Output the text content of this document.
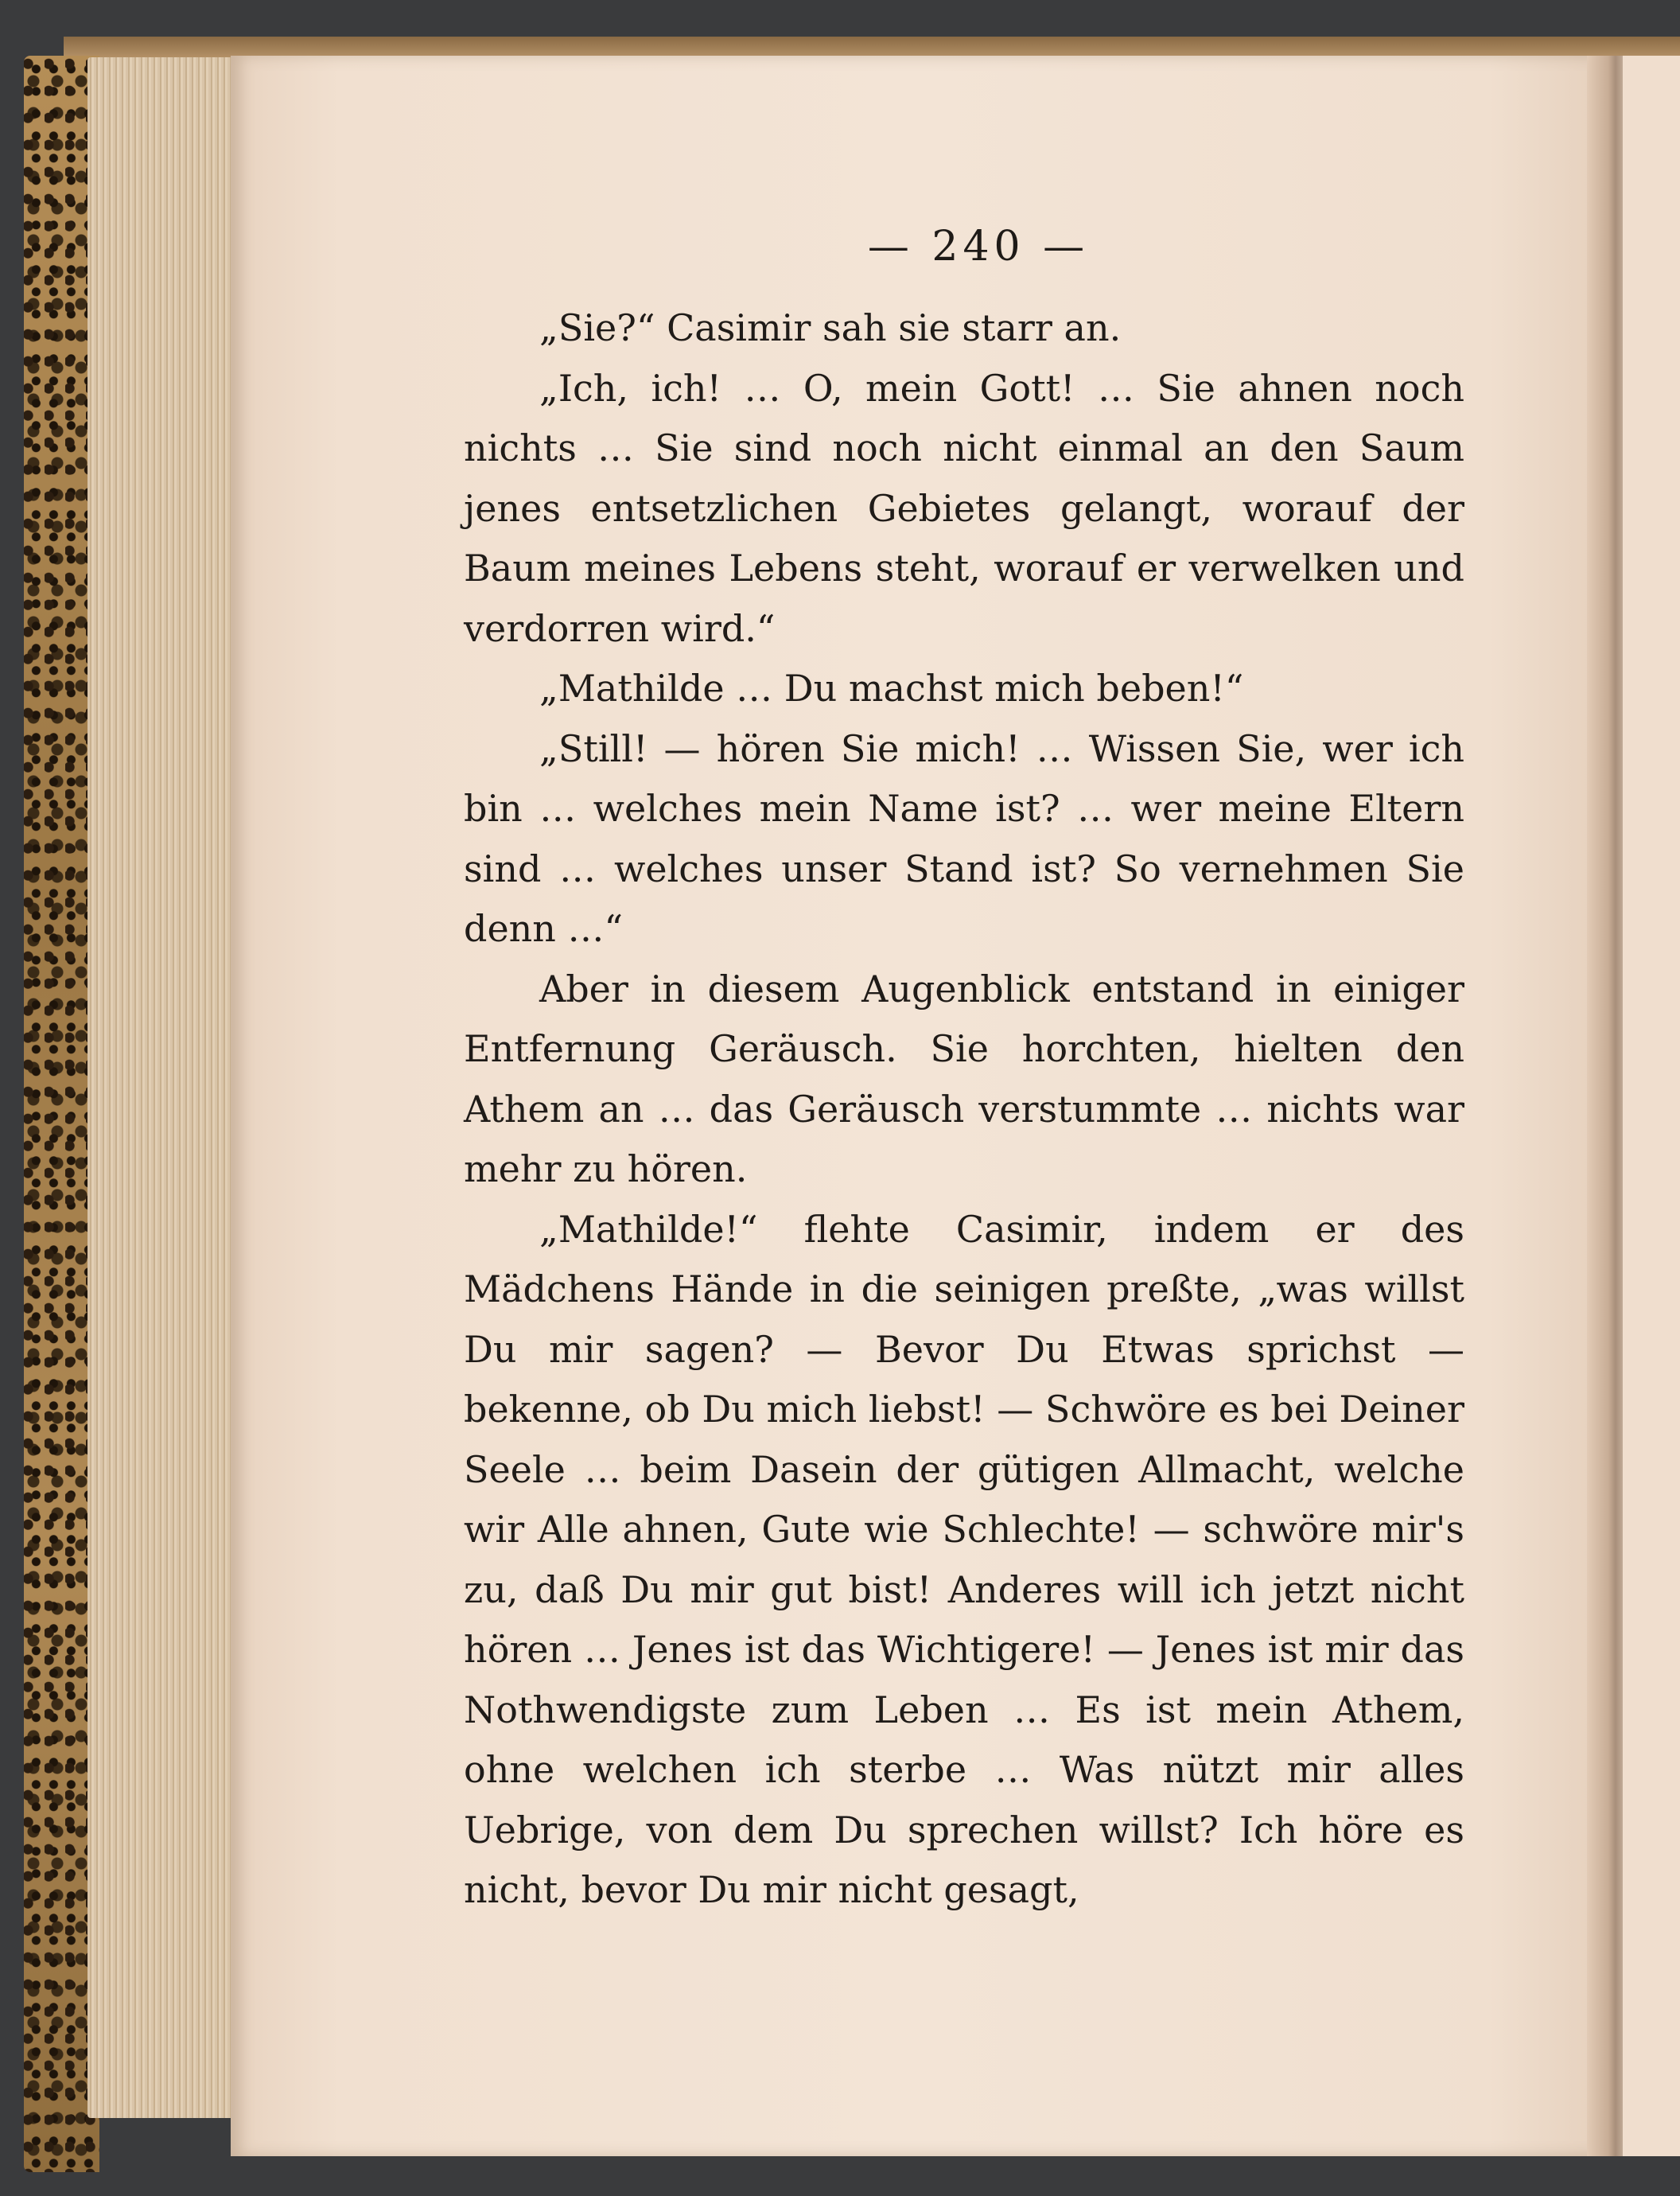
— 240 —

„Sie?“ Casimir sah sie starr an.

„Ich, ich! … O, mein Gott! … Sie ahnen noch nichts … Sie sind noch nicht einmal an den Saum jenes entsetzlichen Gebietes gelangt, worauf der Baum meines Lebens steht, worauf er verwelken und verdorren wird.“

„Mathilde … Du machst mich beben!“

„Still! — hören Sie mich! … Wissen Sie, wer ich bin … welches mein Name ist? … wer meine Eltern sind … welches unser Stand ist? So vernehmen Sie denn …“

Aber in diesem Augenblick entstand in einiger Entfernung Geräusch. Sie horchten, hielten den Athem an … das Geräusch verstummte … nichts war mehr zu hören.

„Mathilde!“ flehte Casimir, indem er des Mädchens Hände in die seinigen preßte, „was willst Du mir sagen? — Bevor Du Etwas sprichst — bekenne, ob Du mich liebst! — Schwöre es bei Deiner Seele … beim Dasein der gütigen Allmacht, welche wir Alle ahnen, Gute wie Schlechte! — schwöre mir's zu, daß Du mir gut bist! Anderes will ich jetzt nicht hören … Jenes ist das Wichtigere! — Jenes ist mir das Nothwendigste zum Leben … Es ist mein Athem, ohne welchen ich sterbe … Was nützt mir alles Uebrige, von dem Du sprechen willst? Ich höre es nicht, bevor Du mir nicht gesagt,
